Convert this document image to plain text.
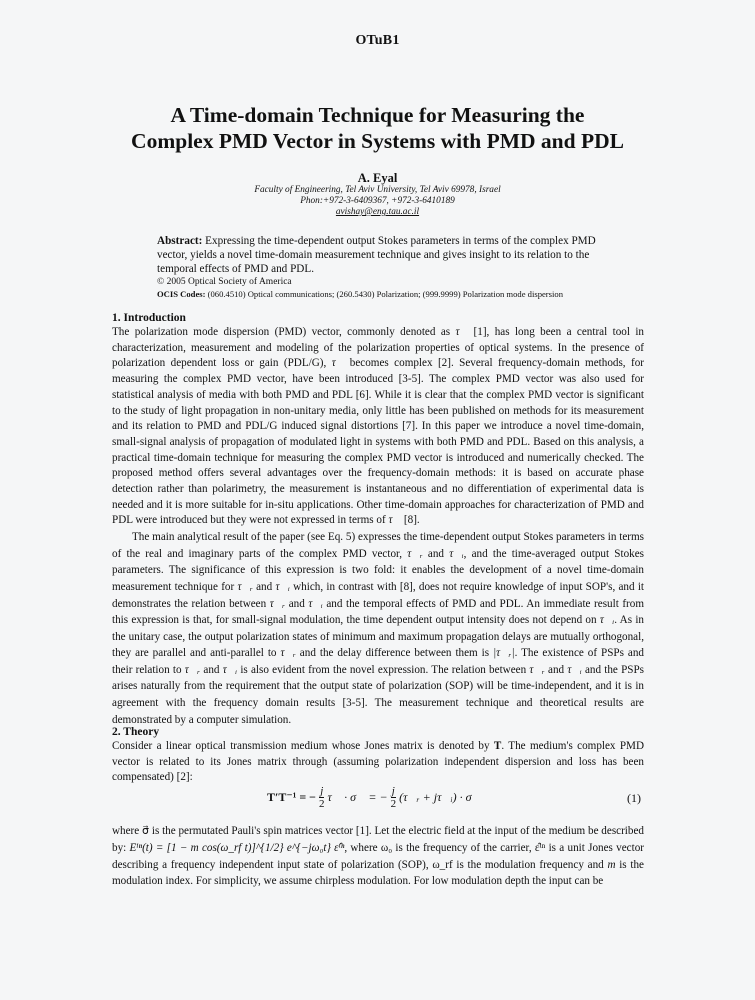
OTuB1
A Time-domain Technique for Measuring the
Complex PMD Vector in Systems with PMD and PDL
A. Eyal
Faculty of Engineering, Tel Aviv University, Tel Aviv 69978, Israel
Phon:+972-3-6409367, +972-3-6410189
avishay@eng.tau.ac.il
Abstract: Expressing the time-dependent output Stokes parameters in terms of the complex PMD vector, yields a novel time-domain measurement technique and gives insight to its relation to the temporal effects of PMD and PDL.
© 2005 Optical Society of America
OCIS Codes: (060.4510) Optical communications; (260.5430) Polarization; (999.9999) Polarization mode dispersion
1. Introduction

The polarization mode dispersion (PMD) vector, commonly denoted as τ⃗ [1], has long been a central tool in characterization, measurement and modeling of the polarization properties of optical systems. In the presence of polarization dependent loss or gain (PDL/G), τ⃗ becomes complex [2]. Several frequency-domain methods, for measuring the complex PMD vector, have been introduced [3-5]. The complex PMD vector was also used for statistical analysis of media with both PMD and PDL [6]. While it is clear that the complex PMD vector is significant to the study of light propagation in non-unitary media, only little has been published on methods for its measurement and its relation to PMD and PDL/G induced signal distortions [7]. In this paper we introduce a novel time-domain, small-signal analysis of propagation of modulated light in systems with both PMD and PDL. Based on this analysis, a practical time-domain technique for measuring the complex PMD vector is introduced and numerically checked. The proposed method offers several advantages over the frequency-domain methods: it is based on accurate phase detection rather than polarimetry, the measurement is instantaneous and no differentiation of experimental data is needed and it is more suitable for in-situ applications. Other time-domain approaches for characterization of PMD and PDL were introduced but they were not expressed in terms of τ⃗ [8].

The main analytical result of the paper (see Eq. 5) expresses the time-dependent output Stokes parameters in terms of the real and imaginary parts of the complex PMD vector, τ⃗ᵣ and τ⃗ᵢ, and the time-averaged output Stokes parameters. The significance of this expression is two fold: it enables the development of a novel time-domain measurement technique for τ⃗ᵣ and τ⃗ᵢ which, in contrast with [8], does not require knowledge of input SOP's, and it demonstrates the relation between τ⃗ᵣ and τ⃗ᵢ and the temporal effects of PMD and PDL. An immediate result from this expression is that, for small-signal modulation, the time dependent output intensity does not depend on τ⃗ᵢ. As in the unitary case, the output polarization states of minimum and maximum propagation delays are mutually orthogonal, they are parallel and anti-parallel to τ⃗ᵣ and the delay difference between them is |τ⃗ᵣ|. The existence of PSPs and their relation to τ⃗ᵣ and τ⃗ᵢ is also evident from the novel expression. The relation between τ⃗ᵣ and τ⃗ᵢ and the PSPs arises naturally from the requirement that the output state of polarization (SOP) will be time-independent, and it is in agreement with the frequency domain results [3-5]. The measurement technique and theoretical results are demonstrated by a computer simulation.

2. Theory

Consider a linear optical transmission medium whose Jones matrix is denoted by T. The medium's complex PMD vector is related to its Jones matrix through (assuming polarization independent dispersion and loss has been compensated) [2]:

T′T⁻¹ = − $\frac{j}{2}$ τ⃗ · σ⃗ = − $\frac{j}{2}$ (τ⃗ᵣ + jτ⃗ᵢ) · σ⃗	(1)

where σ⃗ is the permutated Pauli's spin matrices vector [1]. Let the electric field at the input of the medium be described by: Eⁱⁿ(t) = [1 − m cos(ω_rf t)]^{1/2} e^{−jω₀t} ε̂ⁱⁿ, where ω₀ is the frequency of the carrier, ε̂ⁱⁿ is a unit Jones vector describing a frequency independent input state of polarization (SOP), ω_rf is the modulation frequency and m is the modulation index. For simplicity, we assume chirpless modulation. For low modulation depth the input can be
